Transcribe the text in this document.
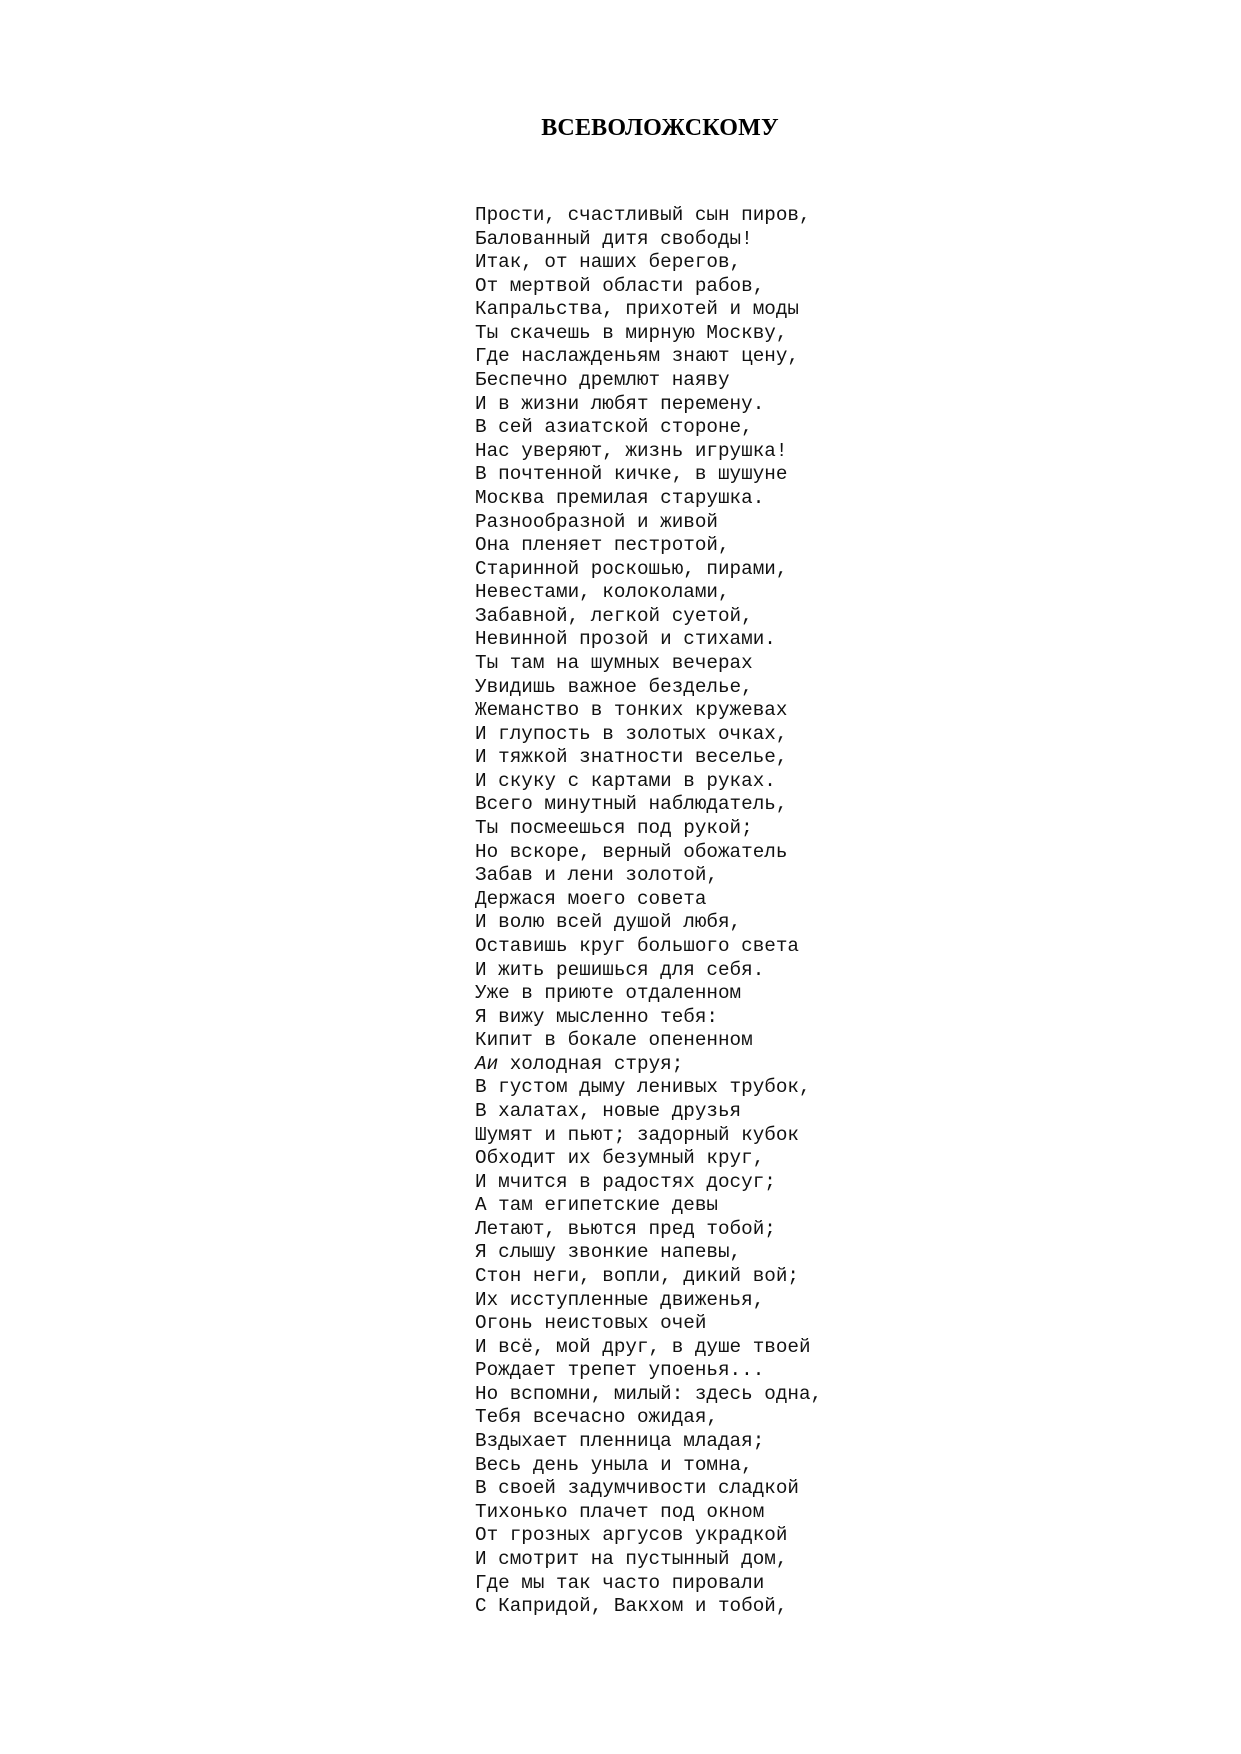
ВСЕВОЛОЖСКОМУ
Прости, счастливый сын пиров,
Балованный дитя свободы!
Итак, от наших берегов,
От мертвой области рабов,
Капральства, прихотей и моды
Ты скачешь в мирную Москву,
Где наслажденьям знают цену,
Беспечно дремлют наяву
И в жизни любят перемену.
В сей азиатской стороне,
Нас уверяют, жизнь игрушка!
В почтенной кичке, в шушуне
Москва премилая старушка.
Разнообразной и живой
Она пленяет пестротой,
Старинной роскошью, пирами,
Невестами, колоколами,
Забавной, легкой суетой,
Невинной прозой и стихами.
Ты там на шумных вечерах
Увидишь важное безделье,
Жеманство в тонких кружевах
И глупость в золотых очках,
И тяжкой знатности веселье,
И скуку с картами в руках.
Всего минутный наблюдатель,
Ты посмеешься под рукой;
Но вскоре, верный обожатель
Забав и лени золотой,
Держася моего совета
И волю всей душой любя,
Оставишь круг большого света
И жить решишься для себя.
Уже в приюте отдаленном
Я вижу мысленно тебя:
Кипит в бокале опененном
Аи холодная струя;
В густом дыму ленивых трубок,
В халатах, новые друзья
Шумят и пьют; задорный кубок
Обходит их безумный круг,
И мчится в радостях досуг;
А там египетские девы
Летают, вьются пред тобой;
Я слышу звонкие напевы,
Стон неги, вопли, дикий вой;
Их исступленные движенья,
Огонь неистовых очей
И всё, мой друг, в душе твоей
Рождает трепет упоенья...
Но вспомни, милый: здесь одна,
Тебя всечасно ожидая,
Вздыхает пленница младая;
Весь день уныла и томна,
В своей задумчивости сладкой
Тихонько плачет под окном
От грозных аргусов украдкой
И смотрит на пустынный дом,
Где мы так часто пировали
С Капридой, Вакхом и тобой,
